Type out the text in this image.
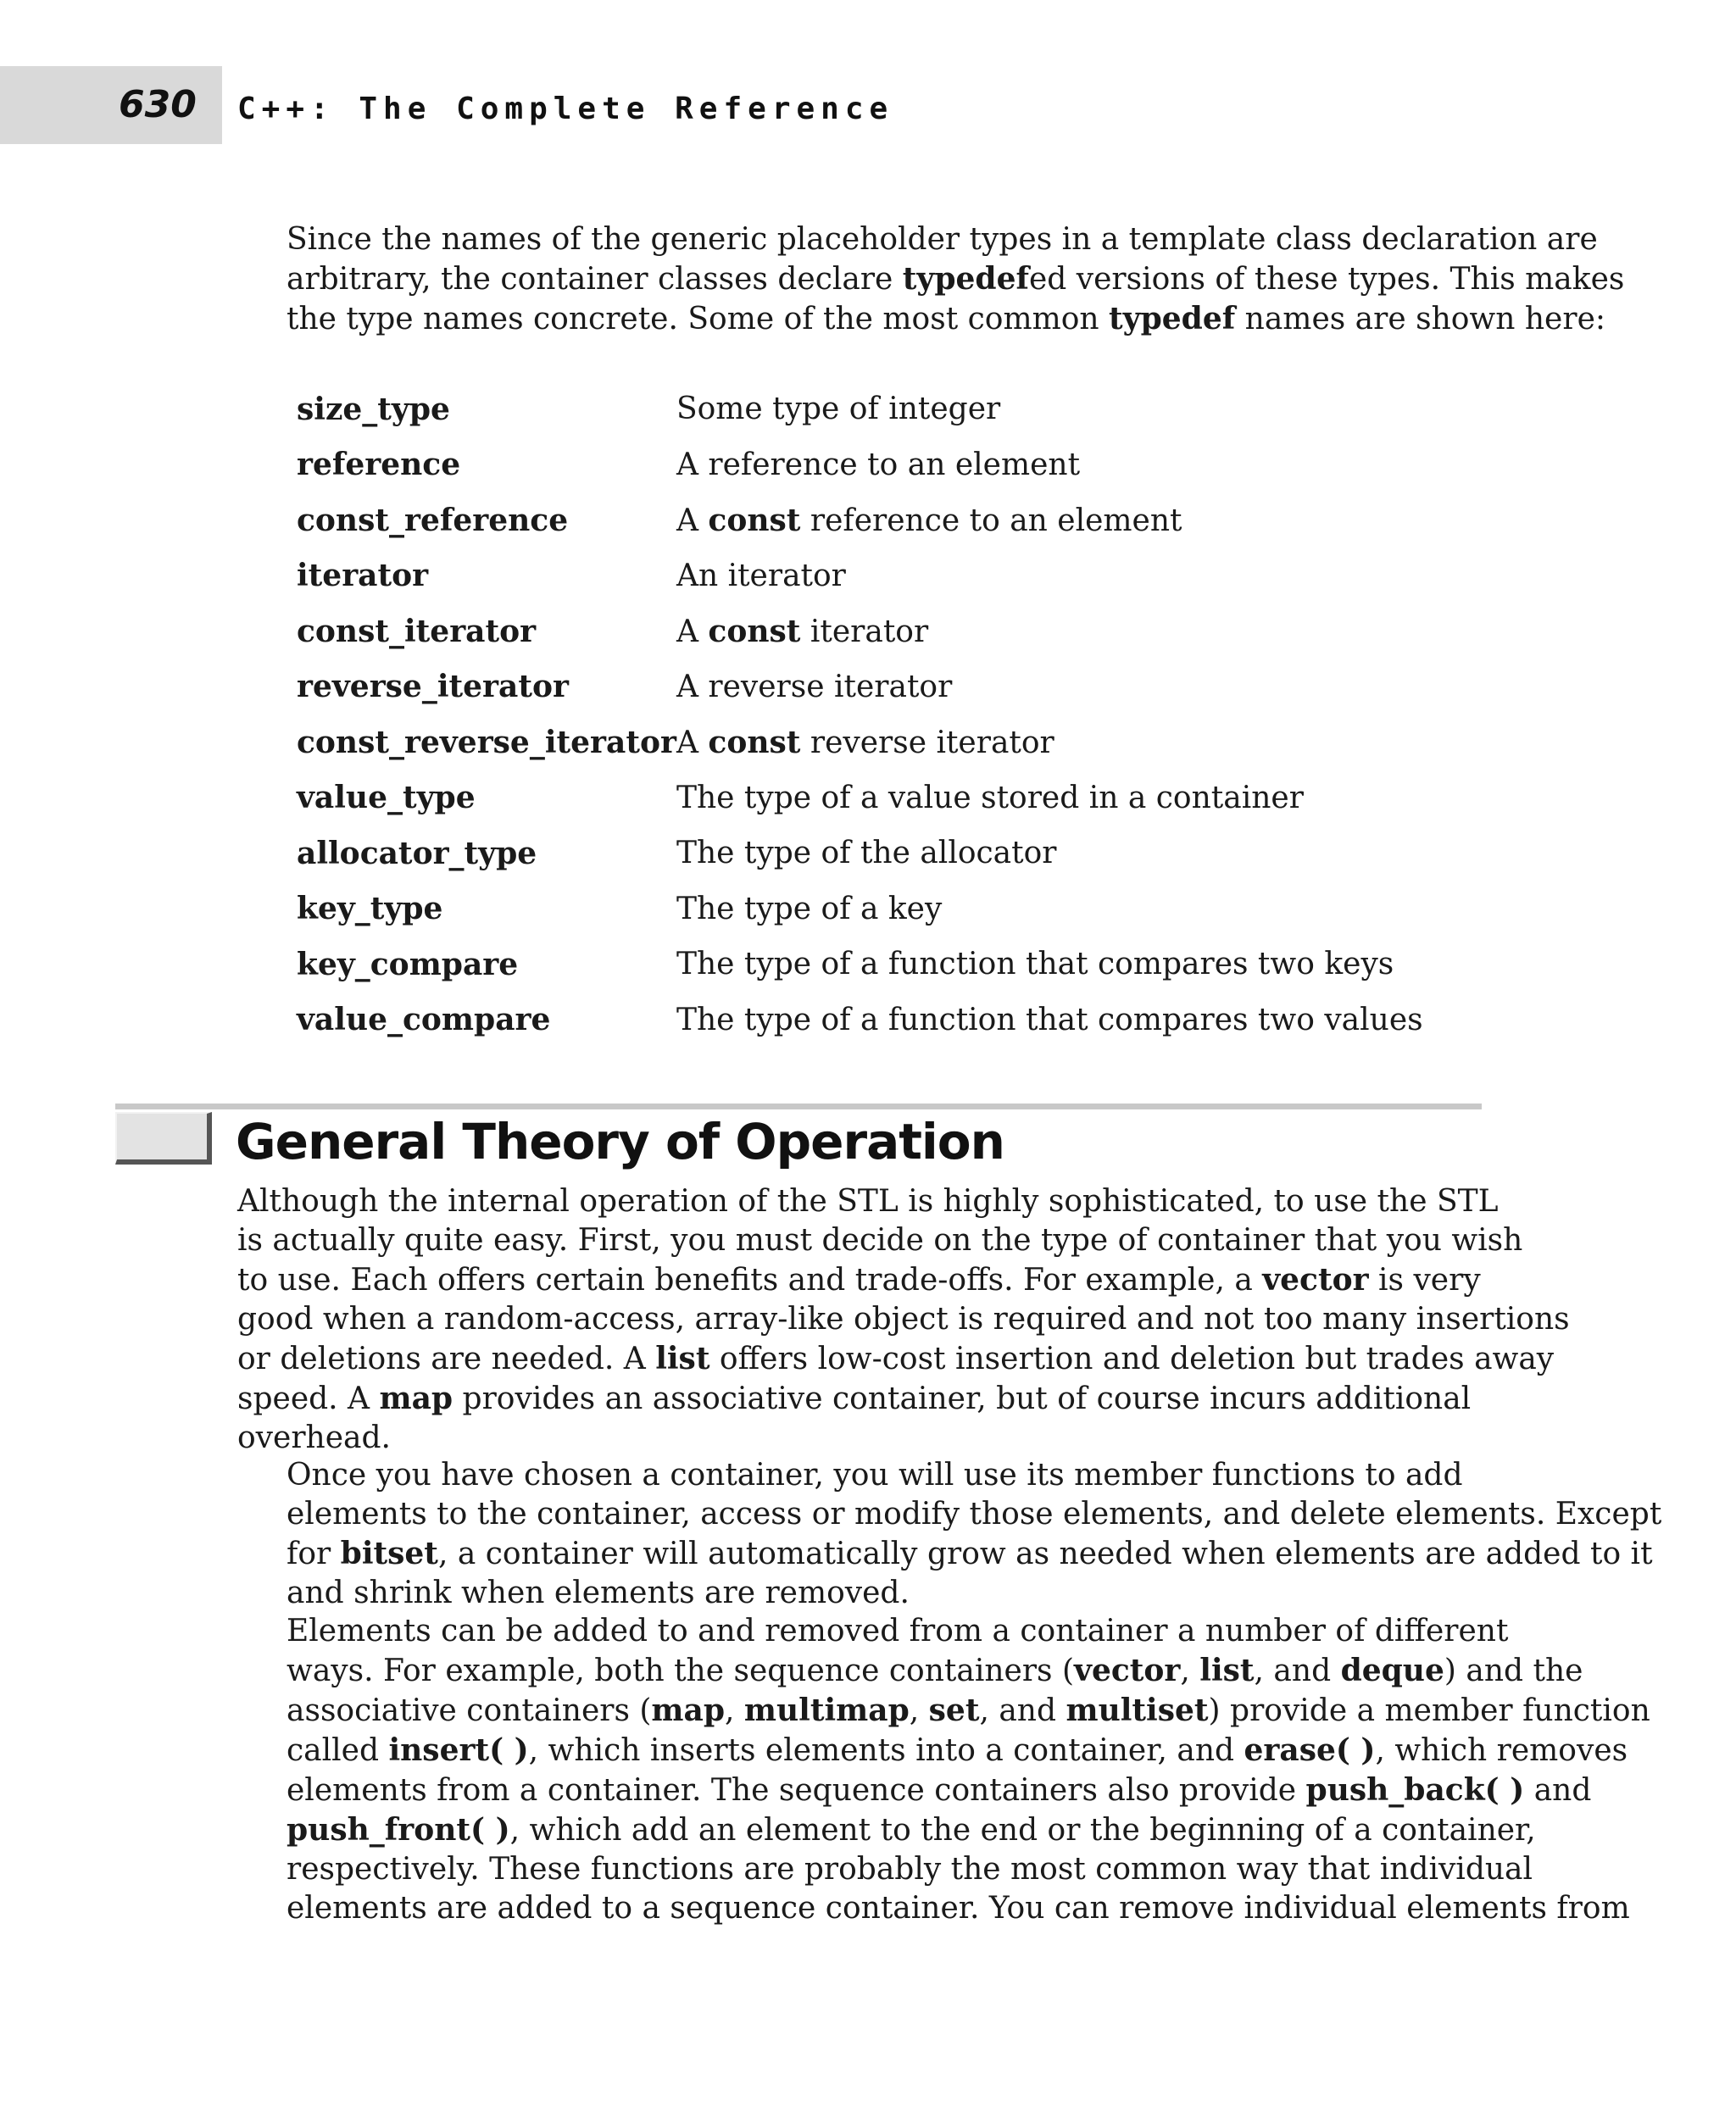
630 C++: The Complete Reference

Since the names of the generic placeholder types in a template class declaration are
arbitrary, the container classes declare typedefed versions of these types. This makes
the type names concrete. Some of the most common typedef names are shown here:

size_type	Some type of integer
reference	A reference to an element
const_reference	A const reference to an element
iterator	An iterator
const_iterator	A const iterator
reverse_iterator	A reverse iterator
const_reverse_iterator	A const reverse iterator
value_type	The type of a value stored in a container
allocator_type	The type of the allocator
key_type	The type of a key
key_compare	The type of a function that compares two keys
value_compare	The type of a function that compares two values
General Theory of Operation

Although the internal operation of the STL is highly sophisticated, to use the STL
is actually quite easy. First, you must decide on the type of container that you wish
to use. Each offers certain benefits and trade-offs. For example, a vector is very
good when a random-access, array-like object is required and not too many insertions
or deletions are needed. A list offers low-cost insertion and deletion but trades away
speed. A map provides an associative container, but of course incurs additional
overhead.

Once you have chosen a container, you will use its member functions to add
elements to the container, access or modify those elements, and delete elements. Except
for bitset, a container will automatically grow as needed when elements are added to it
and shrink when elements are removed.

Elements can be added to and removed from a container a number of different
ways. For example, both the sequence containers (vector, list, and deque) and the
associative containers (map, multimap, set, and multiset) provide a member function
called insert( ), which inserts elements into a container, and erase( ), which removes
elements from a container. The sequence containers also provide push_back( ) and
push_front( ), which add an element to the end or the beginning of a container,
respectively. These functions are probably the most common way that individual
elements are added to a sequence container. You can remove individual elements from
